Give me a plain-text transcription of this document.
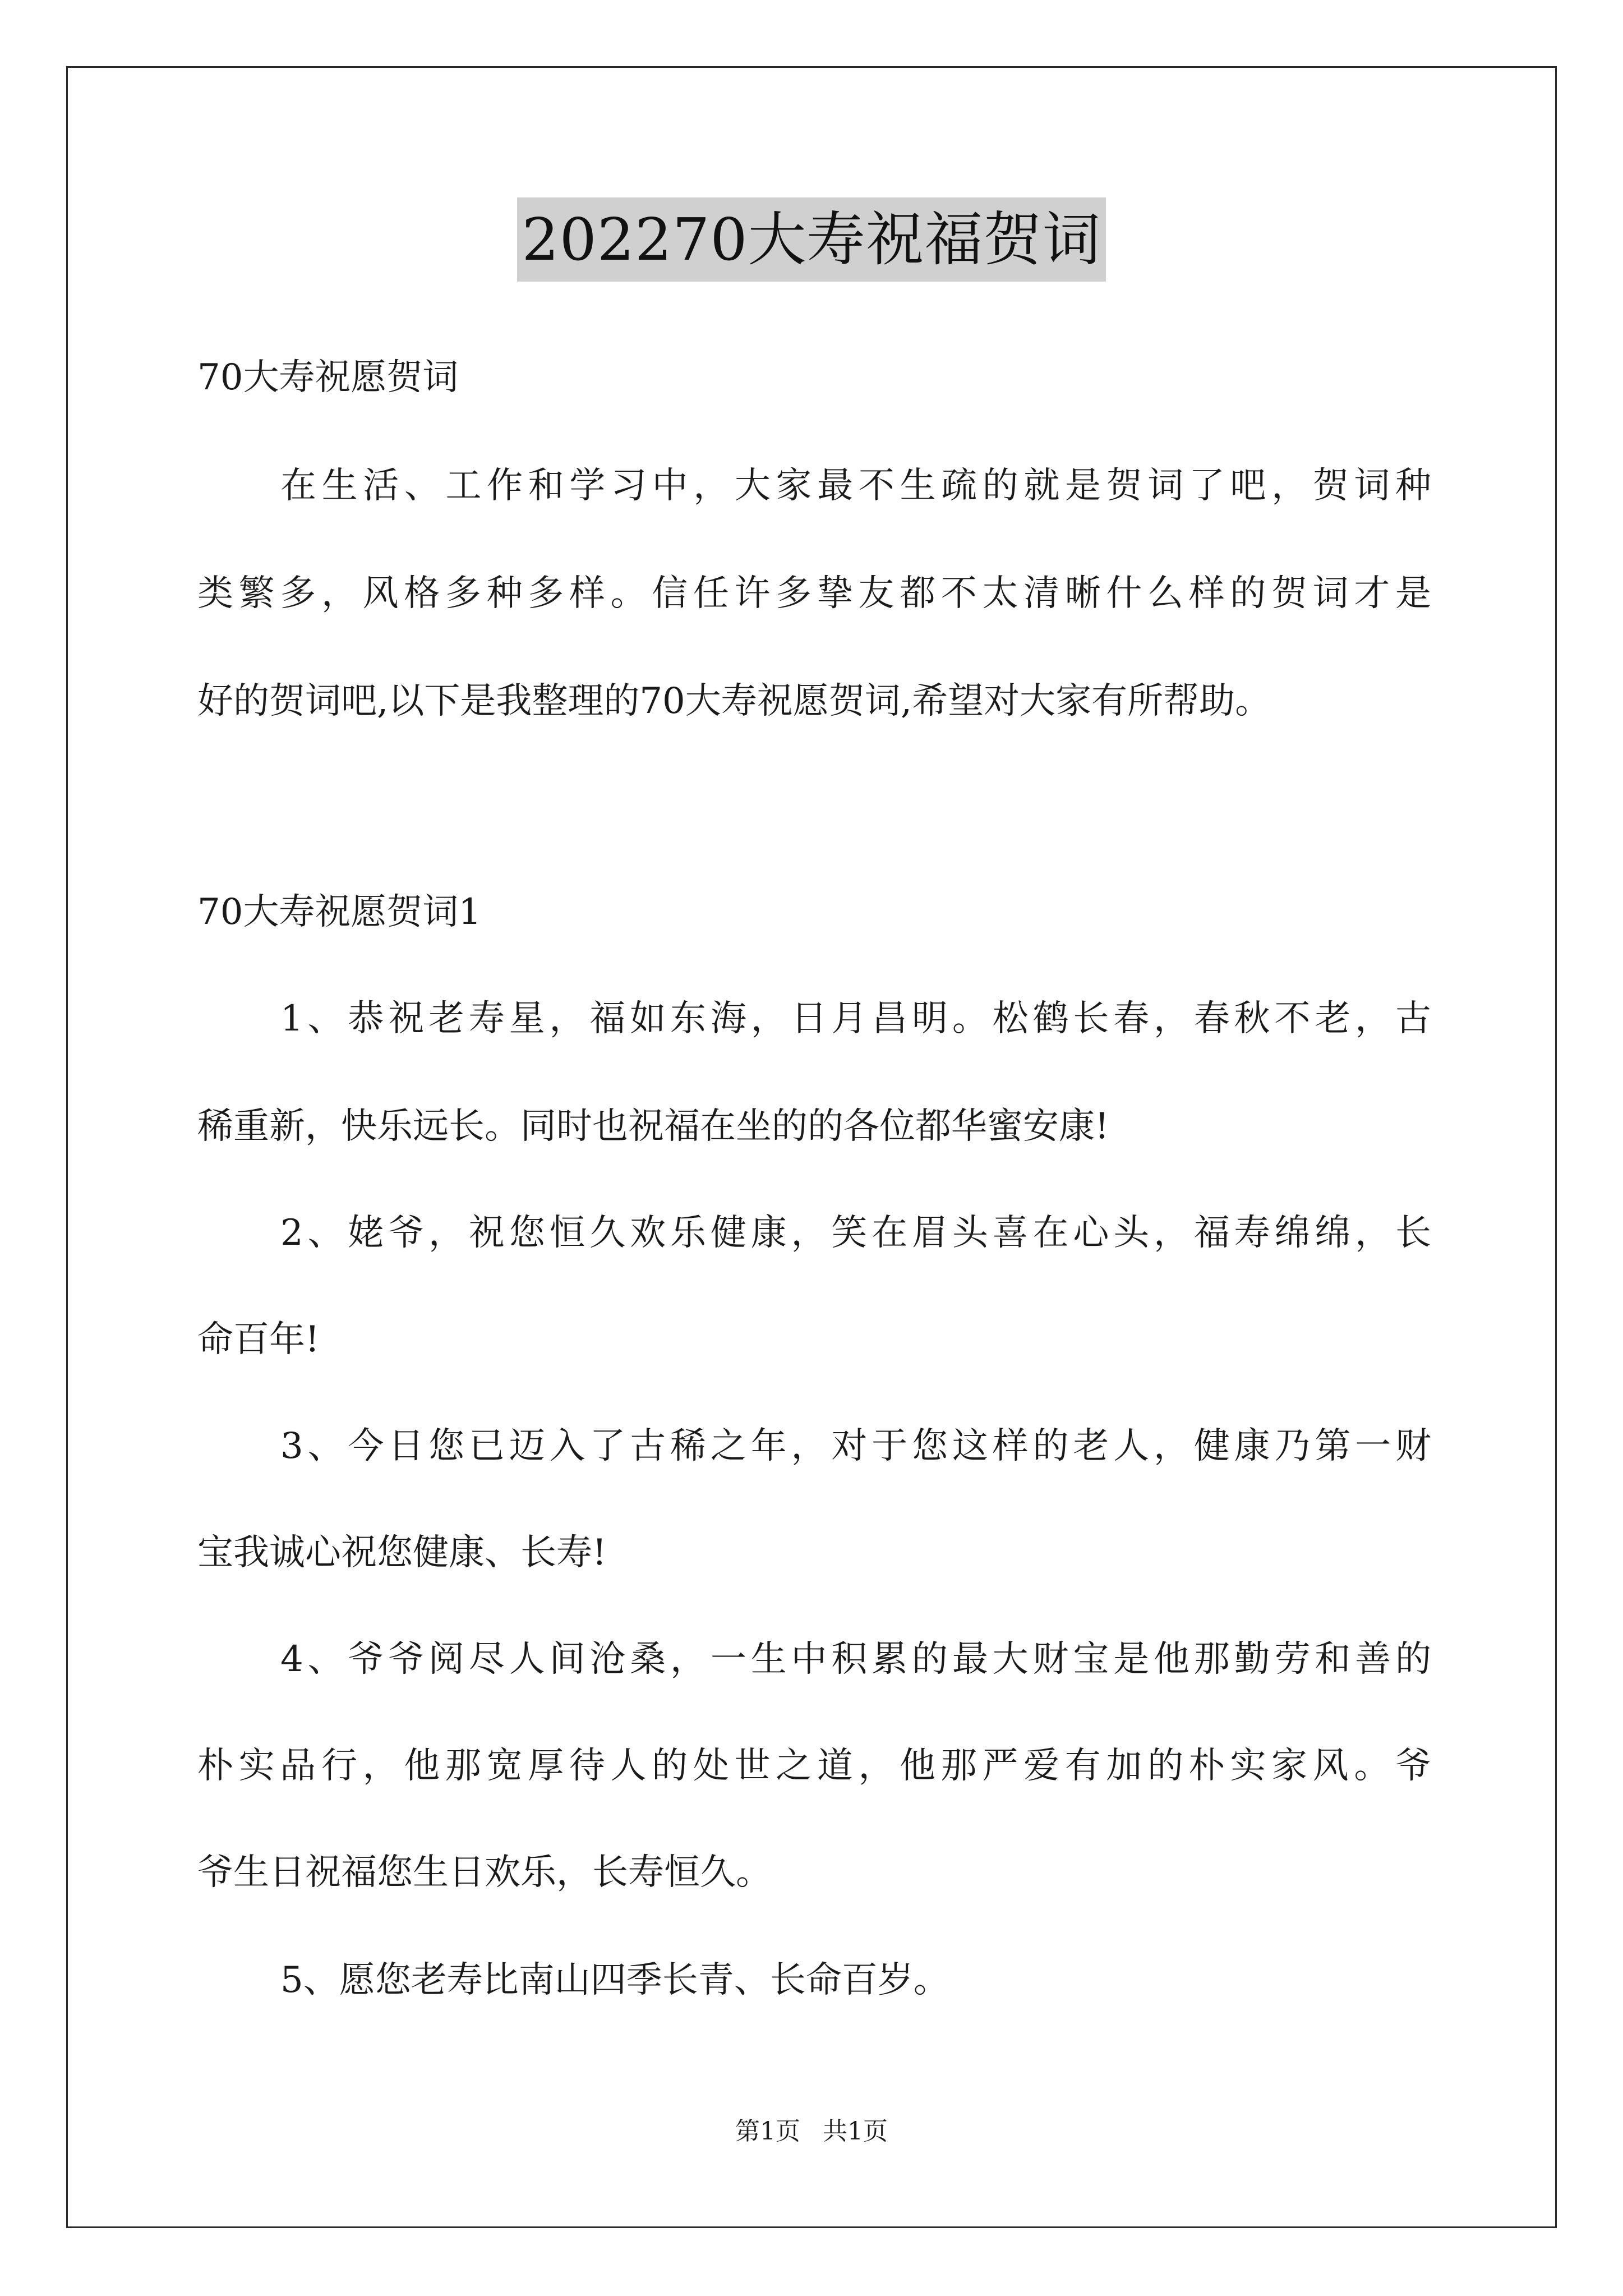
202270大寿祝福贺词
70大寿祝愿贺词
在生活、工作和学习中，大家最不生疏的就是贺词了吧，贺词种
类繁多，风格多种多样。信任许多挚友都不太清晰什么样的贺词才是
好的贺词吧,以下是我整理的70大寿祝愿贺词,希望对大家有所帮助。
70大寿祝愿贺词1
1、恭祝老寿星，福如东海，日月昌明。松鹤长春，春秋不老，古
稀重新，快乐远长。同时也祝福在坐的的各位都华蜜安康!
2、姥爷，祝您恒久欢乐健康，笑在眉头喜在心头，福寿绵绵，长
命百年!
3、今日您已迈入了古稀之年，对于您这样的老人，健康乃第一财
宝我诚心祝您健康、长寿!
4、爷爷阅尽人间沧桑，一生中积累的最大财宝是他那勤劳和善的
朴实品行，他那宽厚待人的处世之道，他那严爱有加的朴实家风。爷
爷生日祝福您生日欢乐，长寿恒久。
5、愿您老寿比南山四季长青、长命百岁。
第1页 共1页
